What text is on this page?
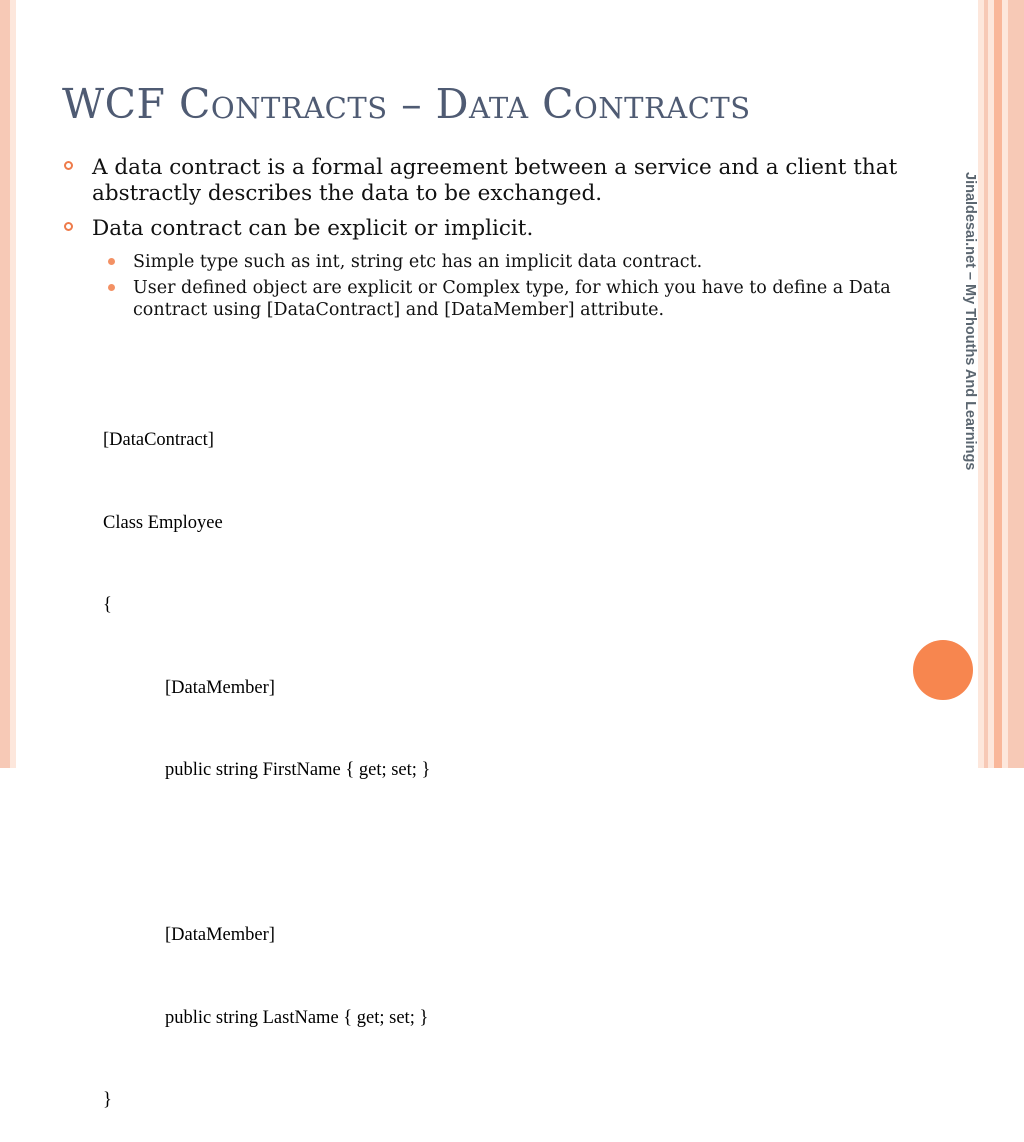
WCF Contracts – Data Contracts
A data contract is a formal agreement between a service and a client that abstractly describes the data to be exchanged.
Data contract can be explicit or implicit.
Simple type such as int, string etc has an implicit data contract.
User defined object are explicit or Complex type, for which you have to define a Data contract using [DataContract] and [DataMember] attribute.

[DataContract]

Class Employee

{

[DataMember]

public string FirstName { get; set; }

[DataMember]

public string LastName { get; set; }

}

Jinaldesai.net – My Thouths And Learnings
